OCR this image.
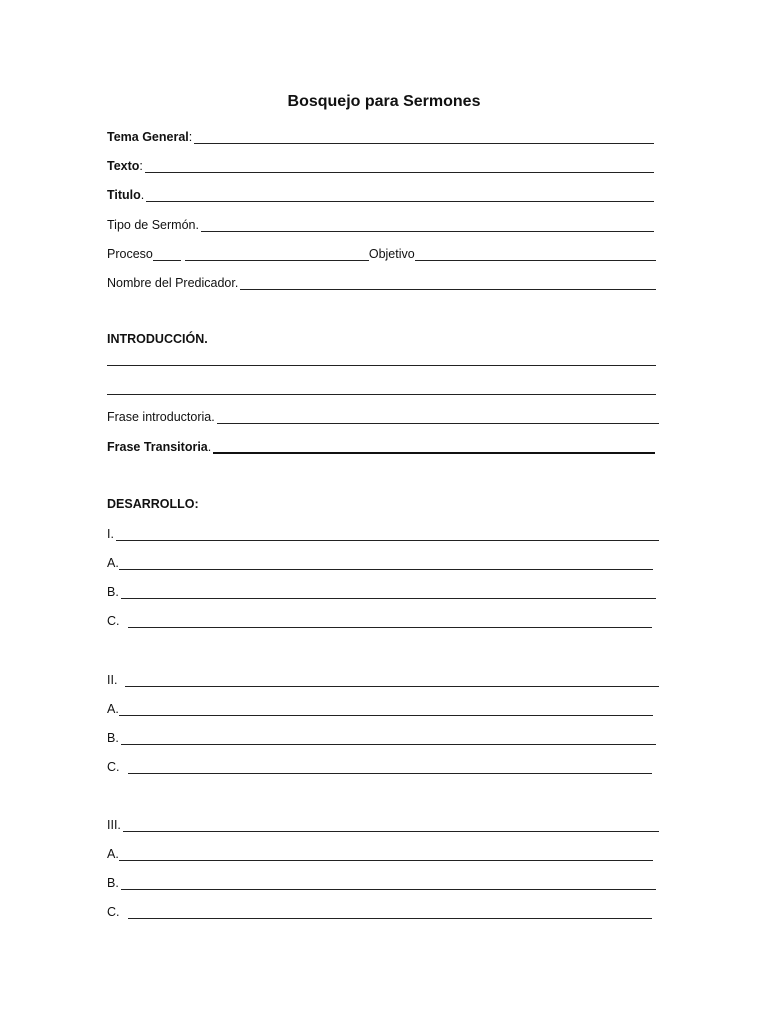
Bosquejo para Sermones
Tema General :
Texto :
Titulo .
Tipo de Sermón.
Proceso	Objetivo
Nombre del Predicador.
INTRODUCCIÓN.
Frase introductoria.
Frase Transitoria .
DESARROLLO:
I.
A.
B.
C.
II.
A.
B.
C.
III.
A.
B.
C.
